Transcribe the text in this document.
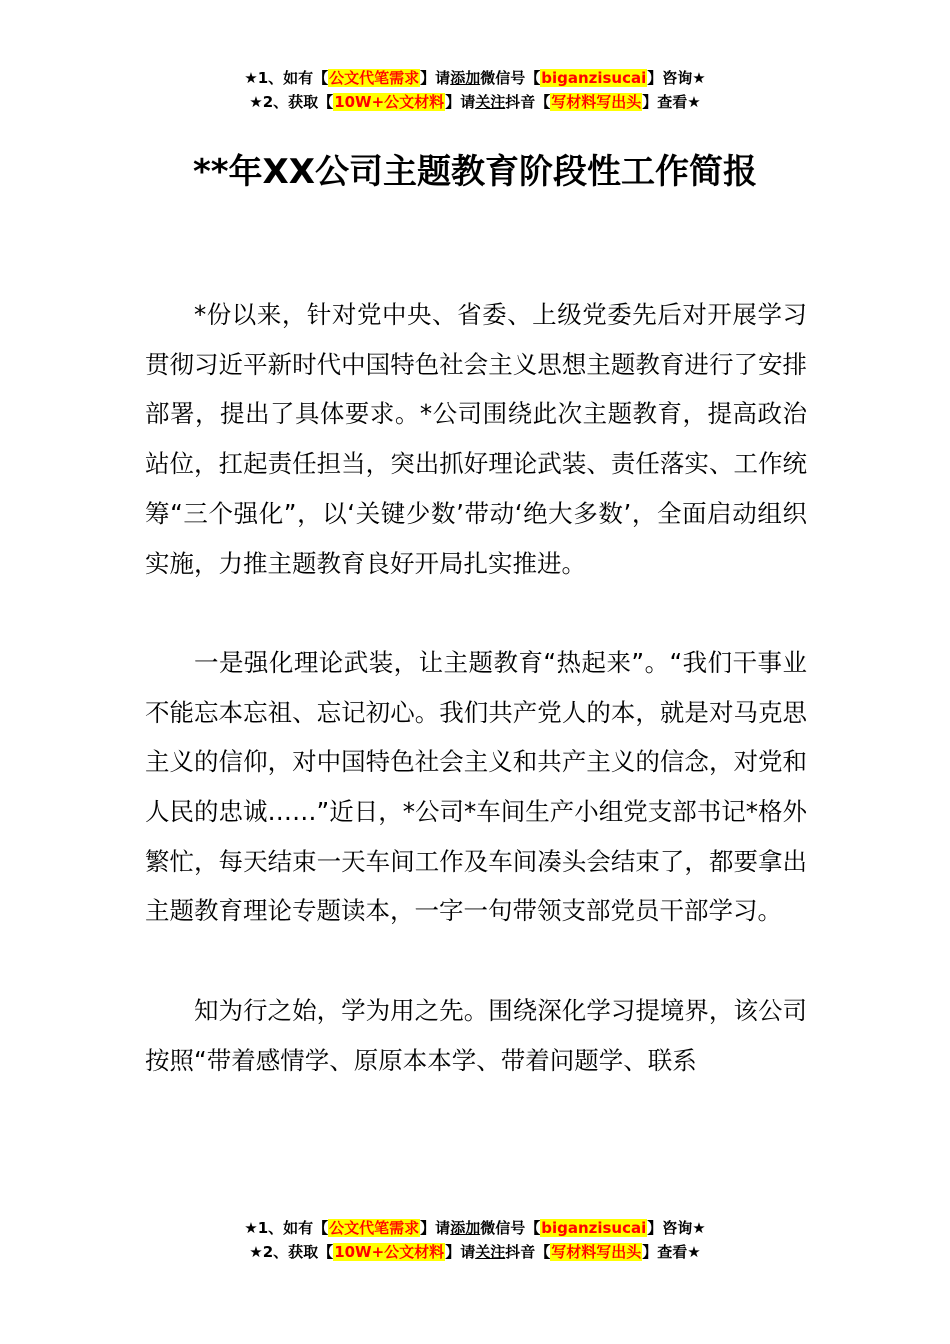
★1、如有【公文代笔需求】请添加微信号【biganzisucai】咨询★
★2、获取【10W+公文材料】请关注抖音【写材料写出头】查看★
**年XX公司主题教育阶段性工作简报

*份以来，针对党中央、省委、上级党委先后对开展学习贯彻习近平新时代中国特色社会主义思想主题教育进行了安排部署，提出了具体要求。*公司围绕此次主题教育，提高政治站位，扛起责任担当，突出抓好理论武装、责任落实、工作统筹“三个强化”，以‘关键少数’带动‘绝大多数’，全面启动组织实施，力推主题教育良好开局扎实推进。

一是强化理论武装，让主题教育“热起来”。“我们干事业不能忘本忘祖、忘记初心。我们共产党人的本，就是对马克思主义的信仰，对中国特色社会主义和共产主义的信念，对党和人民的忠诚……”近日，*公司*车间生产小组党支部书记*格外繁忙，每天结束一天车间工作及车间凑头会结束了，都要拿出主题教育理论专题读本，一字一句带领支部党员干部学习。

知为行之始，学为用之先。围绕深化学习提境界，该公司按照“带着感情学、原原本本学、带着问题学、联系

★1、如有【公文代笔需求】请添加微信号【biganzisucai】咨询★
★2、获取【10W+公文材料】请关注抖音【写材料写出头】查看★
